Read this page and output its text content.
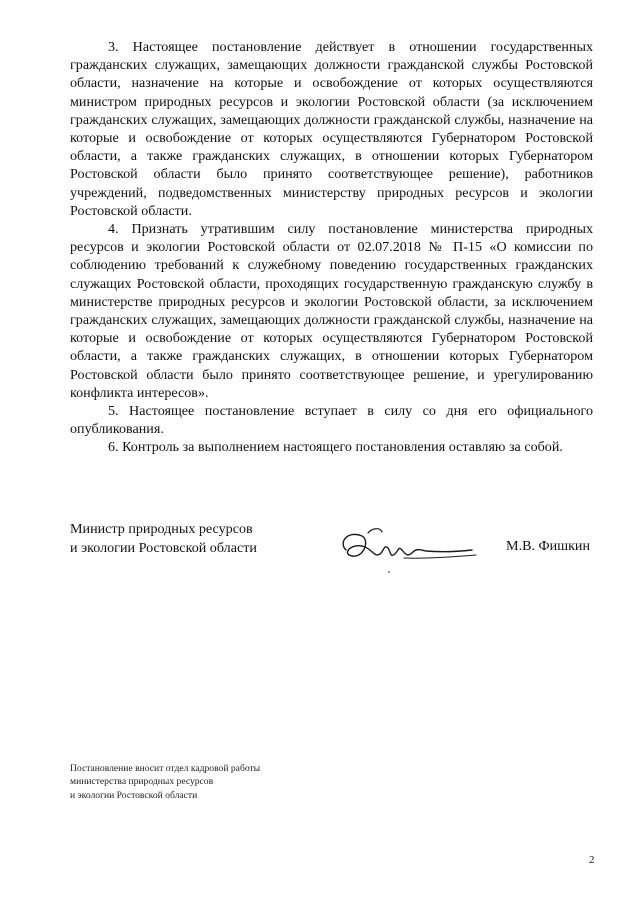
3. Настоящее постановление действует в отношении государственных гражданских служащих, замещающих должности гражданской службы Ростовской области, назначение на которые и освобождение от которых осуществляются министром природных ресурсов и экологии Ростовской области (за исключением гражданских служащих, замещающих должности гражданской службы, назначение на которые и освобождение от которых осуществляются Губернатором Ростовской области, а также гражданских служащих, в отношении которых Губернатором Ростовской области было принято соответствующее решение), работников учреждений, подведомственных министерству природных ресурсов и экологии Ростовской области.

4. Признать утратившим силу постановление министерства природных ресурсов и экологии Ростовской области от 02.07.2018 № П-15 «О комиссии по соблюдению требований к служебному поведению государственных гражданских служащих Ростовской области, проходящих государственную гражданскую службу в министерстве природных ресурсов и экологии Ростовской области, за исключением гражданских служащих, замещающих должности гражданской службы, назначение на которые и освобождение от которых осуществляются Губернатором Ростовской области, а также гражданских служащих, в отношении которых Губернатором Ростовской области было принято соответствующее решение, и урегулированию конфликта интересов».

5. Настоящее постановление вступает в силу со дня его официального опубликования.

6. Контроль за выполнением настоящего постановления оставляю за собой.

Министр природных ресурсов
и экологии Ростовской области	М.В. Фишкин
Постановление вносит отдел кадровой работы
министерства природных ресурсов
и экологии Ростовской области
2
